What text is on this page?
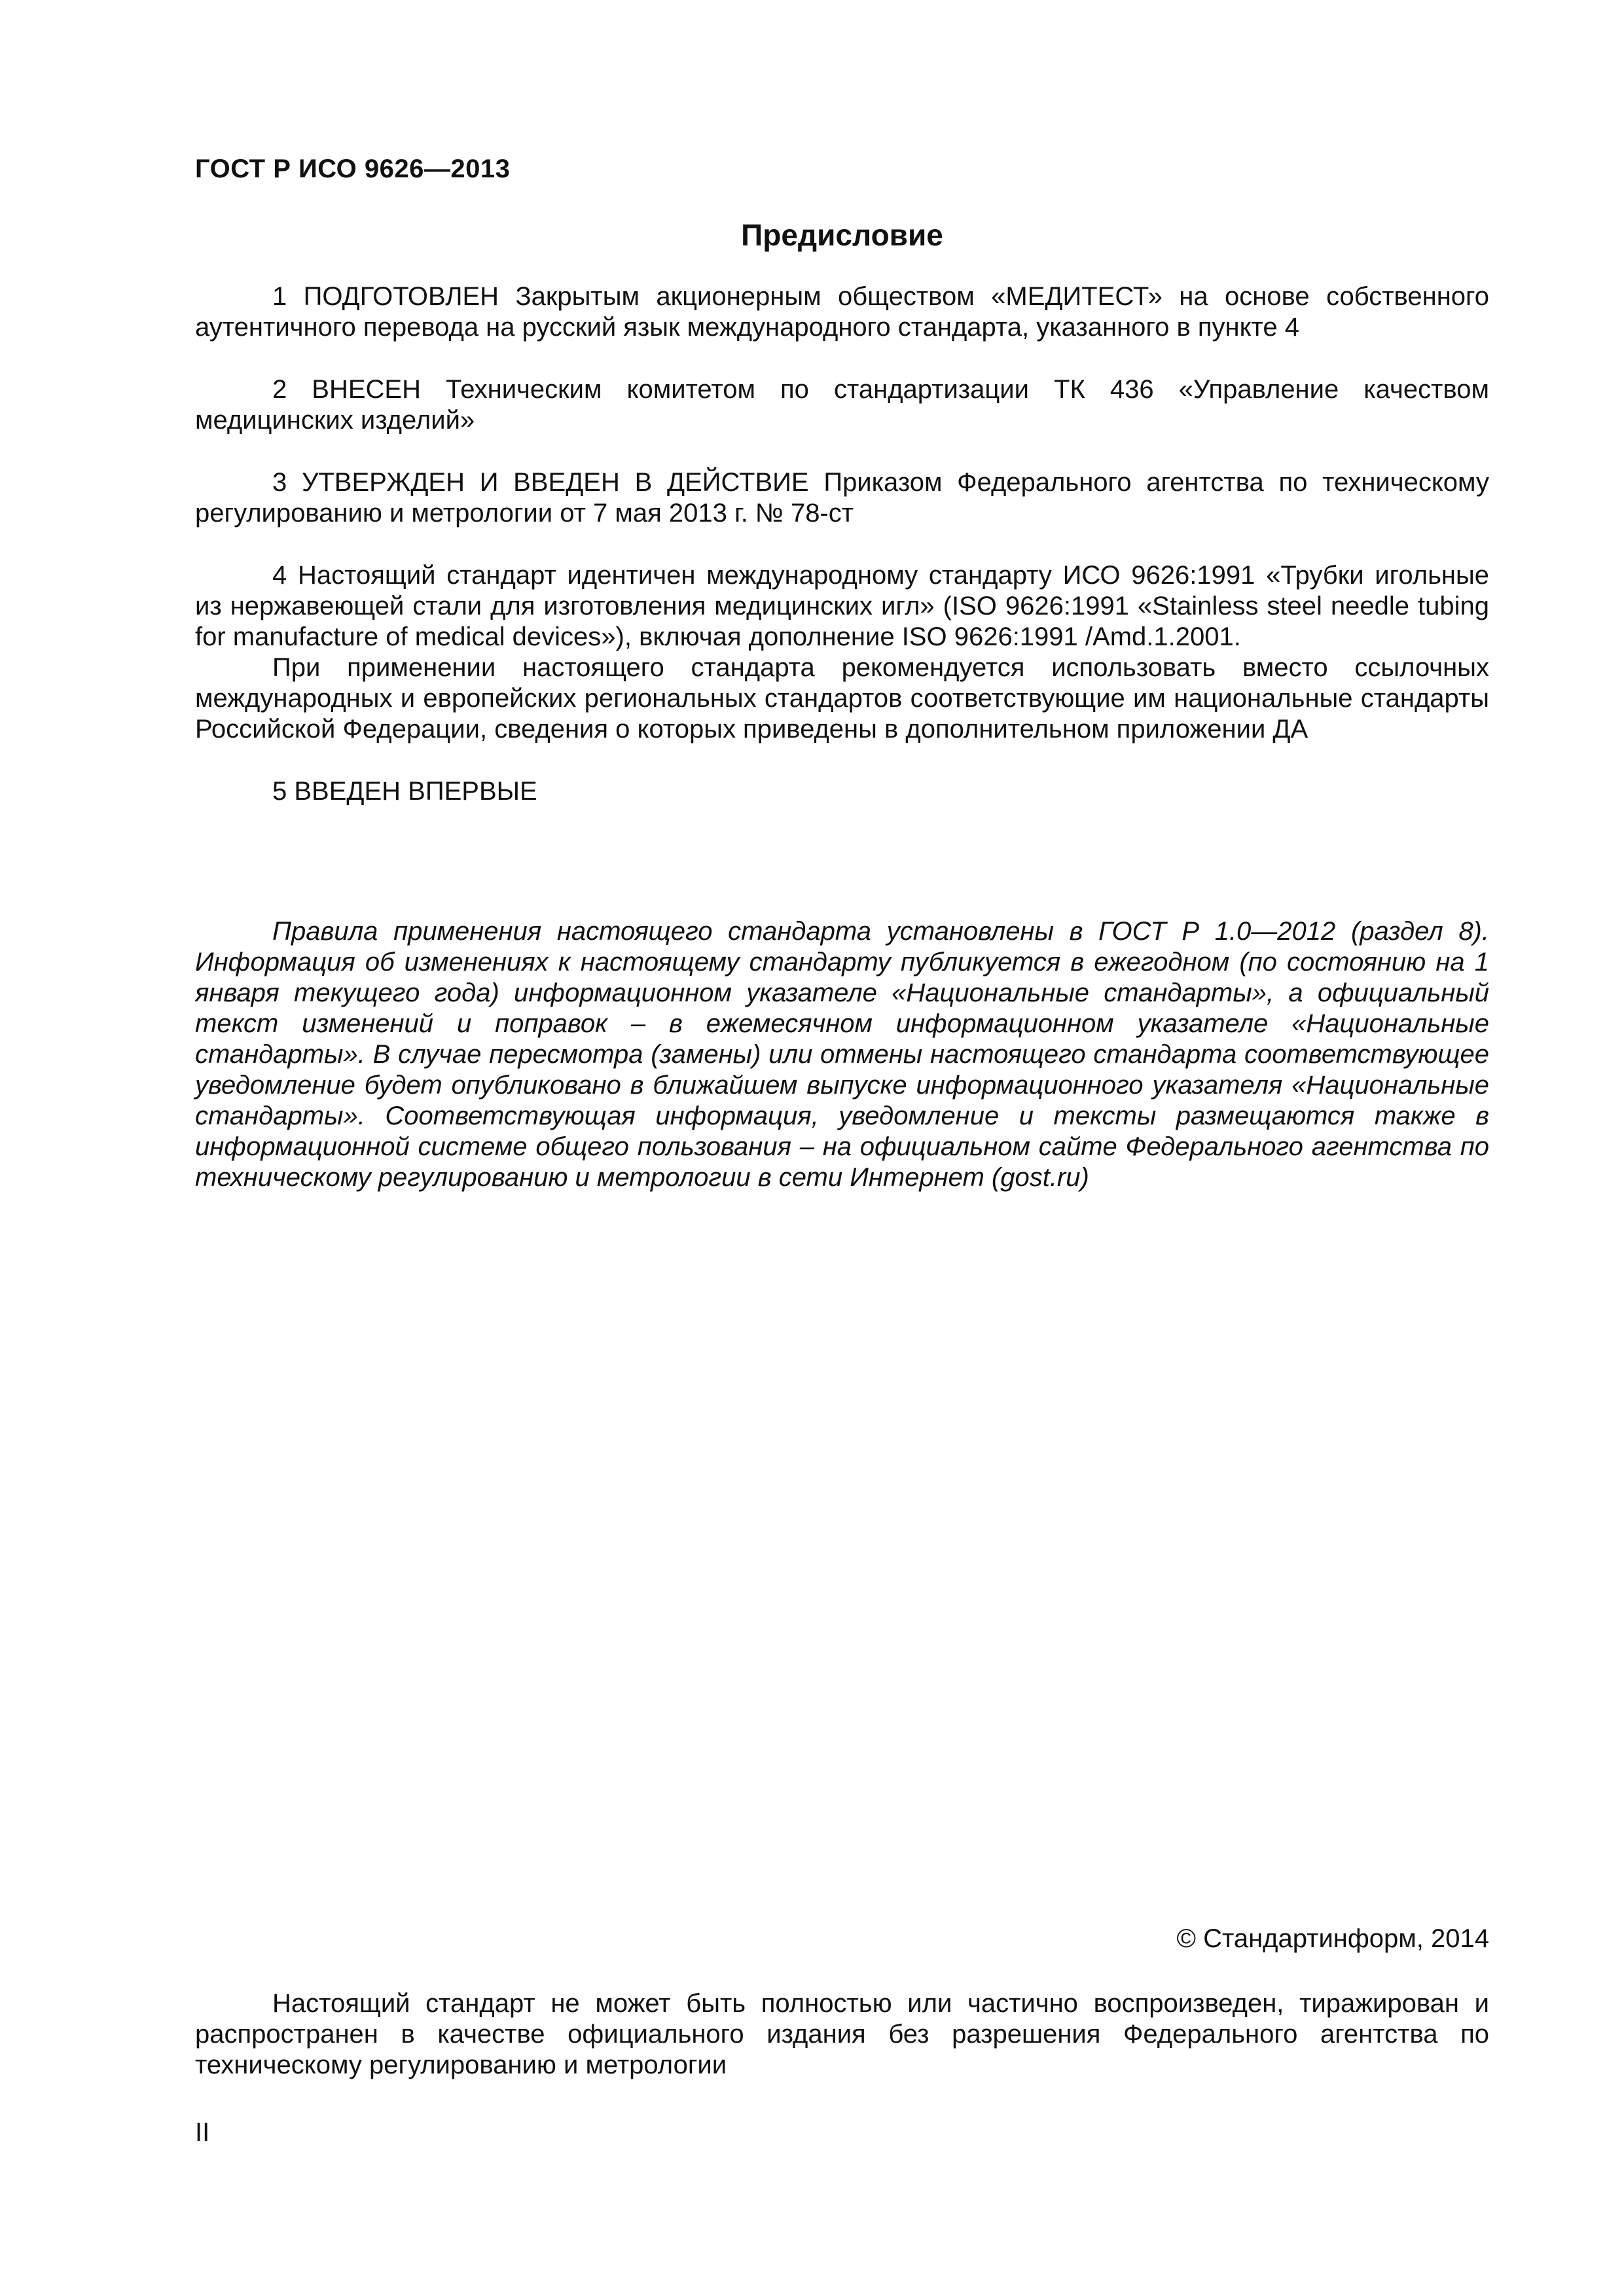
ГОСТ Р ИСО 9626—2013
Предисловие

1 ПОДГОТОВЛЕН Закрытым акционерным обществом «МЕДИТЕСТ» на основе собственного аутентичного перевода на русский язык международного стандарта, указанного в пункте 4

2 ВНЕСЕН Техническим комитетом по стандартизации ТК 436 «Управление качеством медицинских изделий»

3 УТВЕРЖДЕН И ВВЕДЕН В ДЕЙСТВИЕ Приказом Федерального агентства по техническому регулированию и метрологии от 7 мая 2013 г. № 78-ст

4 Настоящий стандарт идентичен международному стандарту ИСО 9626:1991 «Трубки игольные из нержавеющей стали для изготовления медицинских игл» (ISO 9626:1991 «Stainless steel needle tubing for manufacture of medical devices»), включая дополнение ISO 9626:1991 /Amd.1.2001.

При применении настоящего стандарта рекомендуется использовать вместо ссылочных международных и европейских региональных стандартов соответствующие им национальные стандарты Российской Федерации, сведения о которых приведены в дополнительном приложении ДА

5 ВВЕДЕН ВПЕРВЫЕ

Правила применения настоящего стандарта установлены в ГОСТ Р 1.0—2012 (раздел 8). Информация об изменениях к настоящему стандарту публикуется в ежегодном (по состоянию на 1 января текущего года) информационном указателе «Национальные стандарты», а официальный текст изменений и поправок – в ежемесячном информационном указателе «Национальные стандарты». В случае пересмотра (замены) или отмены настоящего стандарта соответствующее уведомление будет опубликовано в ближайшем выпуске информационного указателя «Национальные стандарты». Соответствующая информация, уведомление и тексты размещаются также в информационной системе общего пользования – на официальном сайте Федерального агентства по техническому регулированию и метрологии в сети Интернет (gost.ru)

© Стандартинформ, 2014

Настоящий стандарт не может быть полностью или частично воспроизведен, тиражирован и распространен в качестве официального издания без разрешения Федерального агентства по техническому регулированию и метрологии

II
